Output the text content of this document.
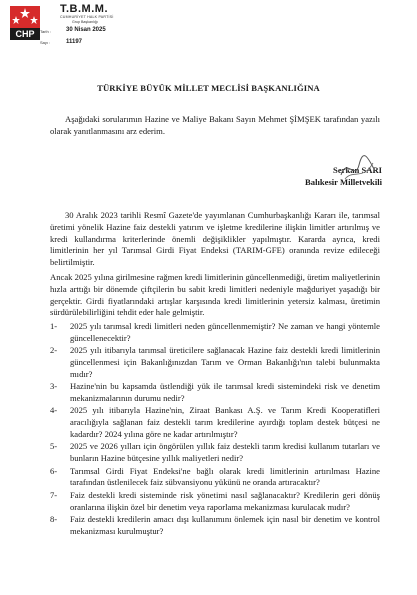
CHP
T.B.M.M.
CUMHURİYET HALK PARTİSİ
Grup Başkanlığı
Tarih :	30 Nisan 2025
Sayı :	11197
TÜRKİYE BÜYÜK MİLLET MECLİSİ BAŞKANLIĞINA
Aşağıdaki sorularımın Hazine ve Maliye Bakanı Sayın Mehmet ŞİMŞEK tarafından yazılı olarak yanıtlanmasını arz ederim.
Serkan SARI
Balıkesir Milletvekili
30 Aralık 2023 tarihli Resmî Gazete'de yayımlanan Cumhurbaşkanlığı Kararı ile, tarımsal üretimi yönelik Hazine faiz destekli yatırım ve işletme kredilerine ilişkin limitler artırılmış ve kredi kullandırma kriterlerinde önemli değişiklikler yapılmıştır. Kararda ayrıca, kredi limitlerinin her yıl Tarımsal Girdi Fiyat Endeksi (TARIM-GFE) oranında revize edileceği belirtilmiştir.
Ancak 2025 yılına girilmesine rağmen kredi limitlerinin güncellenmediği, üretim maliyetlerinin hızla arttığı bir dönemde çiftçilerin bu sabit kredi limitleri nedeniyle mağduriyet yaşadığı bir gerçektir. Girdi fiyatlarındaki artışlar karşısında kredi limitlerinin yetersiz kalması, üretimin sürdürülebilirliğini tehdit eder hale gelmiştir.
1-	2025 yılı tarımsal kredi limitleri neden güncellenmemiştir? Ne zaman ve hangi yöntemle güncellenecektir?
2-	2025 yılı itibarıyla tarımsal üreticilere sağlanacak Hazine faiz destekli kredi limitlerinin güncellenmesi için Bakanlığınızdan Tarım ve Orman Bakanlığı'nın talebi bulunmakta mıdır?
3-	Hazine'nin bu kapsamda üstlendiği yük ile tarımsal kredi sistemindeki risk ve denetim mekanizmalarının durumu nedir?
4-	2025 yılı itibarıyla Hazine'nin, Ziraat Bankası A.Ş. ve Tarım Kredi Kooperatifleri aracılığıyla sağlanan faiz destekli tarım kredilerine ayırdığı toplam destek bütçesi ne kadardır? 2024 yılına göre ne kadar artırılmıştır?
5-	2025 ve 2026 yılları için öngörülen yıllık faiz destekli tarım kredisi kullanım tutarları ve bunların Hazine bütçesine yıllık maliyetleri nedir?
6-	Tarımsal Girdi Fiyat Endeksi'ne bağlı olarak kredi limitlerinin artırılması Hazine tarafından üstlenilecek faiz sübvansiyonu yükünü ne oranda artıracaktır?
7-	Faiz destekli kredi sisteminde risk yönetimi nasıl sağlanacaktır? Kredilerin geri dönüş oranlarına ilişkin özel bir denetim veya raporlama mekanizması kurulacak mıdır?
8-	Faiz destekli kredilerin amacı dışı kullanımını önlemek için nasıl bir denetim ve kontrol mekanizması kurulmuştur?
